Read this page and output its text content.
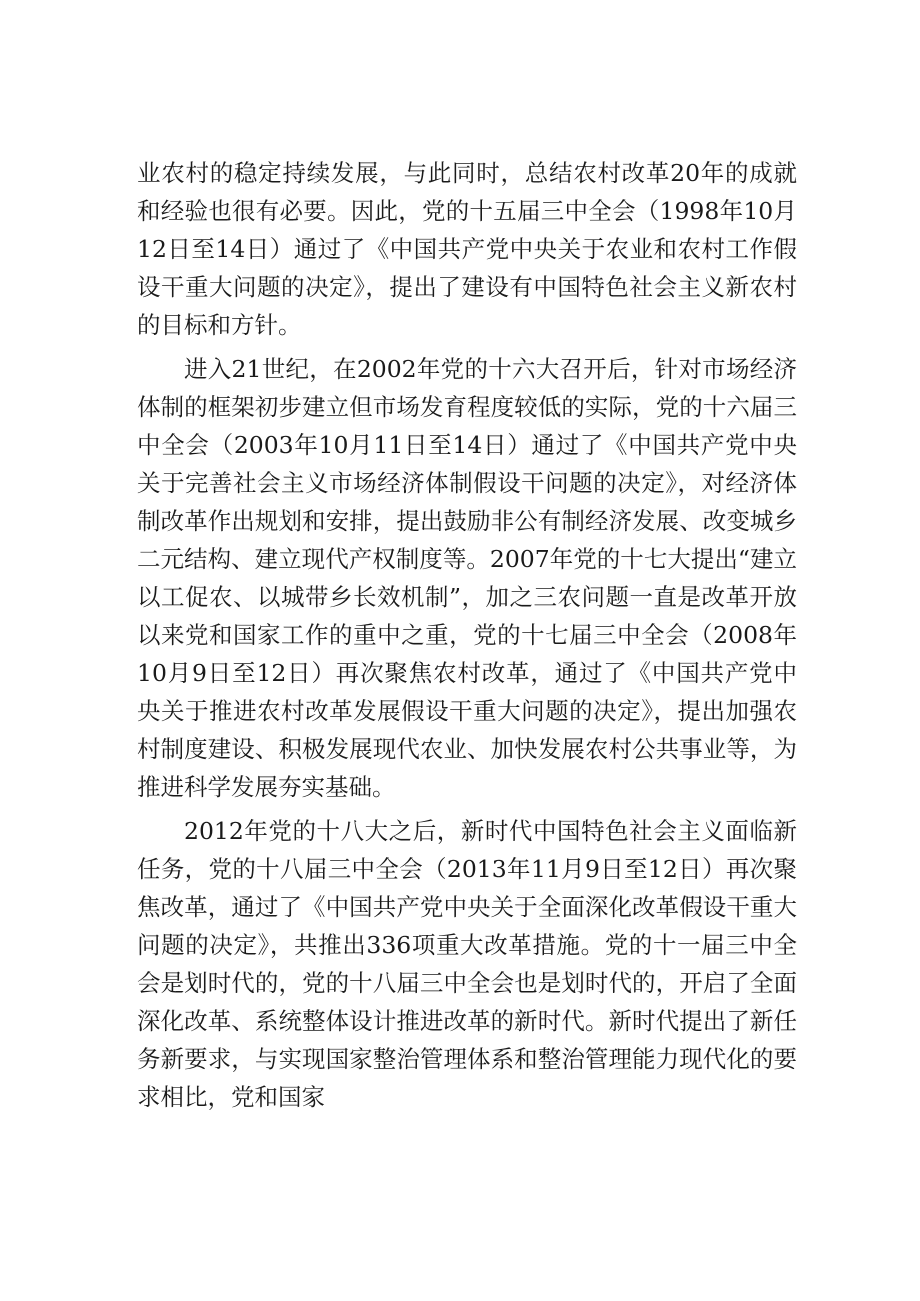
业农村的稳定持续发展，与此同时，总结农村改革20年的成就和经验也很有必要。因此，党的十五届三中全会（1998年10月12日至14日）通过了《中国共产党中央关于农业和农村工作假设干重大问题的决定》，提出了建设有中国特色社会主义新农村的目标和方针。

进入21世纪，在2002年党的十六大召开后，针对市场经济体制的框架初步建立但市场发育程度较低的实际，党的十六届三中全会（2003年10月11日至14日）通过了《中国共产党中央关于完善社会主义市场经济体制假设干问题的决定》，对经济体制改革作出规划和安排，提出鼓励非公有制经济发展、改变城乡二元结构、建立现代产权制度等。2007年党的十七大提出“建立以工促农、以城带乡长效机制”，加之三农问题一直是改革开放以来党和国家工作的重中之重，党的十七届三中全会（2008年10月9日至12日）再次聚焦农村改革，通过了《中国共产党中央关于推进农村改革发展假设干重大问题的决定》，提出加强农村制度建设、积极发展现代农业、加快发展农村公共事业等，为推进科学发展夯实基础。

2012年党的十八大之后，新时代中国特色社会主义面临新任务，党的十八届三中全会（2013年11月9日至12日）再次聚焦改革，通过了《中国共产党中央关于全面深化改革假设干重大问题的决定》，共推出336项重大改革措施。党的十一届三中全会是划时代的，党的十八届三中全会也是划时代的，开启了全面深化改革、系统整体设计推进改革的新时代。新时代提出了新任务新要求，与实现国家整治管理体系和整治管理能力现代化的要求相比，党和国家
